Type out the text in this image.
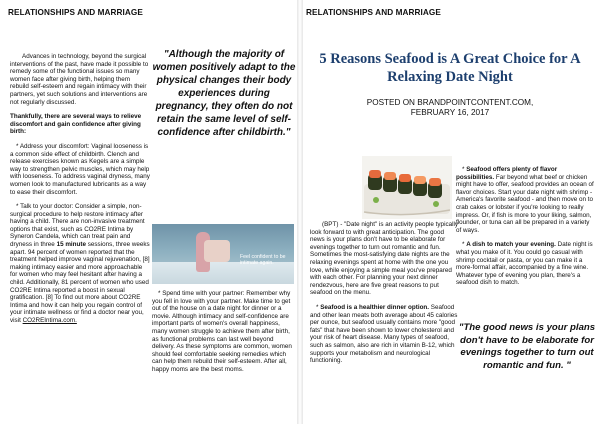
RELATIONSHIPS AND MARRIAGE

Advances in technology, beyond the surgical interventions of the past, have made it possible to remedy some of the functional issues so many women face after giving birth, helping them rebuild self-esteem and regain intimacy with their partners, yet such solutions and interventions are not regularly discussed.

Thankfully, there are several ways to relieve discomfort and gain confidence after giving birth:

* Address your discomfort: Vaginal looseness is a common side effect of childbirth. Clench and release exercises known as Kegels are a simple way to strengthen pelvic muscles, which may help with looseness. To address vaginal dryness, many women look to manufactured lubricants as a way to ease their discomfort.

* Talk to your doctor: Consider a simple, non-surgical procedure to help restore intimacy after having a child. There are non-invasive treatment options that exist, such as CO2RE Intima by Syneron Candela, which can treat pain and dryness in three 15 minute sessions, three weeks apart. 94 percent of women reported that the treatment helped improve vaginal rejuvenation, [8] making intimacy easier and more approachable for women who may feel hesitant after having a child. Additionally, 81 percent of women who used CO2RE Intima reported a boost in sexual gratification. [8] To find out more about CO2RE Intima and how it can help you regain control of your intimate wellness or find a doctor near you, visit CO2REIntima.com.

"Although the majority of women positively adapt to the physical changes their body experiences during pregnancy, they often do not retain the same level of self-confidence after childbirth."
Feel confident to be intimate again.

* Spend time with your partner: Remember why you fell in love with your partner. Make time to get out of the house on a date night for dinner or a movie. Although intimacy and self-confidence are important parts of women's overall happiness, many women struggle to achieve them after birth, as functional problems can last well beyond delivery. As these symptoms are common, women should feel comfortable seeking remedies which can help them rebuild their self-esteem. After all, happy moms are the best moms.

RELATIONSHIPS AND MARRIAGE
5 Reasons Seafood is A Great Choice for A Relaxing Date Night
POSTED ON BRANDPOINTCONTENT.COM,
FEBRUARY 16, 2017

(BPT) - "Date night" is an activity people typically look forward to with great anticipation. The good news is your plans don't have to be elaborate for evenings together to turn out romantic and fun. Sometimes the most-satisfying date nights are the relaxing evenings spent at home with the one you love, while enjoying a simple meal you've prepared with each other. For planning your next dinner rendezvous, here are five great reasons to put seafood on the menu.

* Seafood is a healthier dinner option. Seafood and other lean meats both average about 45 calories per ounce, but seafood usually contains more "good fats" that have been shown to lower cholesterol and your risk of heart disease. Many types of seafood, such as salmon, also are rich in vitamin B-12, which supports your metabolism and neurological functioning.

* Seafood offers plenty of flavor possibilities. Far beyond what beef or chicken might have to offer, seafood provides an ocean of flavor choices. Start your date night with shrimp - America's favorite seafood - and then move on to crab cakes or lobster if you're looking to really impress. Or, if fish is more to your liking, salmon, flounder, or tuna can all be prepared in a variety of ways.

* A dish to match your evening. Date night is what you make of it. You could go casual with shrimp cocktail or pasta, or you can make it a more-formal affair, accompanied by a fine wine. Whatever type of evening you plan, there's a seafood dish to match.

"The good news is your plans don't have to be elaborate for evenings together to turn out romantic and fun. "
